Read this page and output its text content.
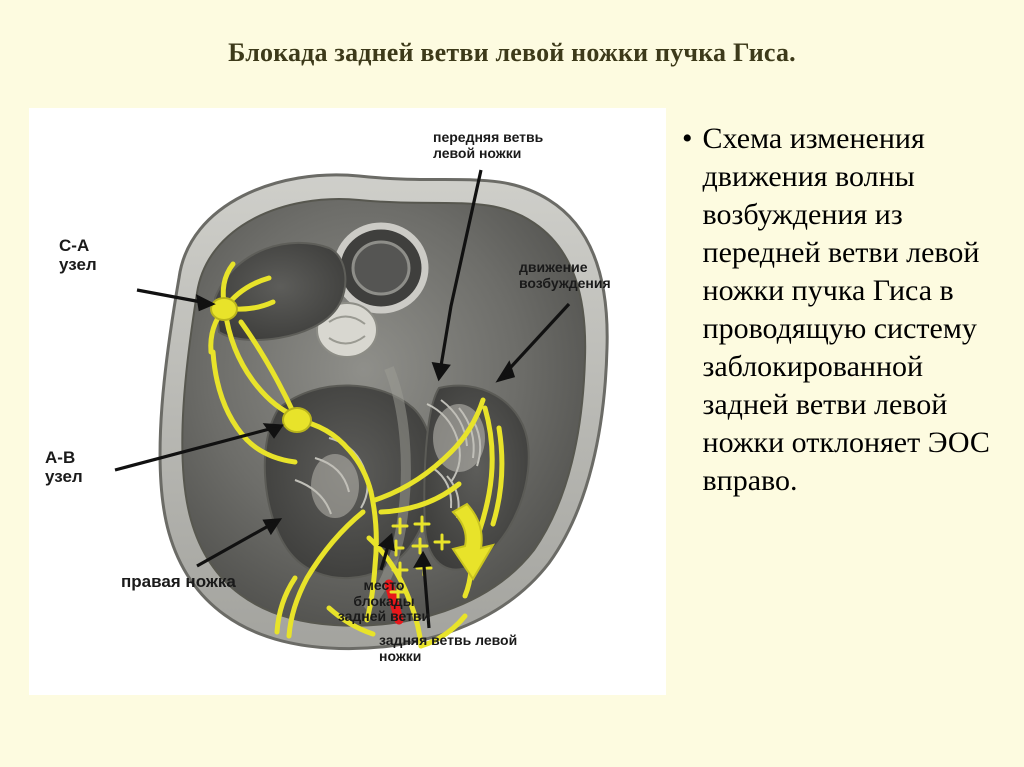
Блокада задней ветви левой ножки пучка Гиса.
С-А
узел
А-В
узел
передняя ветвь
левой ножки
движение
возбуждения
правая ножка	место
блокады
задней ветви
задняя ветвь левой
ножки
• Схема изменения движения волны возбуждения из передней ветви левой ножки пучка Гиса в проводящую систему заблокированной задней ветви левой ножки отклоняет ЭОС вправо.
